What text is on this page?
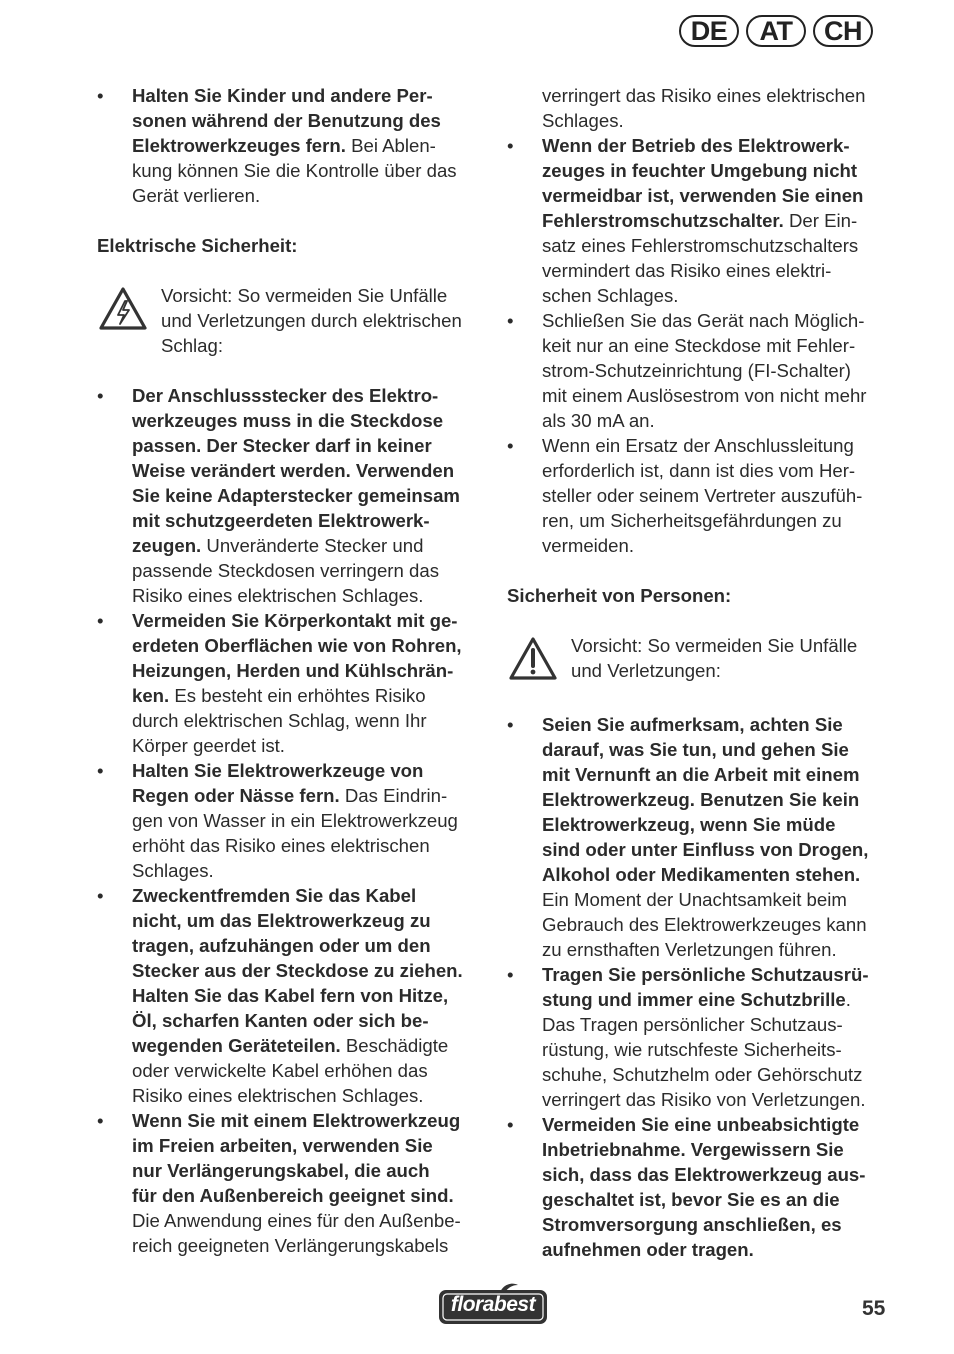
DE	AT	CH
•	Halten Sie Kinder und andere Per-
sonen während der Benutzung des
Elektrowerkzeuges fern. Bei Ablen-
kung können Sie die Kontrolle über das
Gerät verlieren.
Elektrische Sicherheit:
Vorsicht: So vermeiden Sie Unfälle
und Verletzungen durch elektrischen
Schlag:
•	Der Anschlussstecker des Elektro-
werkzeuges muss in die Steckdose
passen. Der Stecker darf in keiner
Weise verändert werden. Verwenden
Sie keine Adapterstecker gemeinsam
mit schutzgeerdeten Elektrowerk-
zeugen. Unveränderte Stecker und
passende Steckdosen verringern das
Risiko eines elektrischen Schlages.
•	Vermeiden Sie Körperkontakt mit ge-
erdeten Oberflächen wie von Rohren,
Heizungen, Herden und Kühlschrän-
ken. Es besteht ein erhöhtes Risiko
durch elektrischen Schlag, wenn Ihr
Körper geerdet ist.
•	Halten Sie Elektrowerkzeuge von
Regen oder Nässe fern. Das Eindrin-
gen von Wasser in ein Elektrowerkzeug
erhöht das Risiko eines elektrischen
Schlages.
•	Zweckentfremden Sie das Kabel
nicht, um das Elektrowerkzeug zu
tragen, aufzuhängen oder um den
Stecker aus der Steckdose zu ziehen.
Halten Sie das Kabel fern von Hitze,
Öl, scharfen Kanten oder sich be-
wegenden Geräteteilen. Beschädigte
oder verwickelte Kabel erhöhen das
Risiko eines elektrischen Schlages.
•	Wenn Sie mit einem Elektrowerkzeug
im Freien arbeiten, verwenden Sie
nur Verlängerungskabel, die auch
für den Außenbereich geeignet sind.
Die Anwendung eines für den Außenbe-
reich geeigneten Verlängerungskabels
verringert das Risiko eines elektrischen
Schlages.
•	Wenn der Betrieb des Elektrowerk-
zeuges in feuchter Umgebung nicht
vermeidbar ist, verwenden Sie einen
Fehlerstromschutzschalter. Der Ein-
satz eines Fehlerstromschutzschalters
vermindert das Risiko eines elektri-
schen Schlages.
•	Schließen Sie das Gerät nach Möglich-
keit nur an eine Steckdose mit Fehler-
strom-Schutzeinrichtung (FI-Schalter)
mit einem Auslösestrom von nicht mehr
als 30 mA an.
•	Wenn ein Ersatz der Anschlussleitung
erforderlich ist, dann ist dies vom Her-
steller oder seinem Vertreter auszufüh-
ren, um Sicherheitsgefährdungen zu
vermeiden.
Sicherheit von Personen:
Vorsicht: So vermeiden Sie Unfälle
und Verletzungen:
•	Seien Sie aufmerksam, achten Sie
darauf, was Sie tun, und gehen Sie
mit Vernunft an die Arbeit mit einem
Elektrowerkzeug. Benutzen Sie kein
Elektrowerkzeug, wenn Sie müde
sind oder unter Einfluss von Drogen,
Alkohol oder Medikamenten stehen.
Ein Moment der Unachtsamkeit beim
Gebrauch des Elektrowerkzeuges kann
zu ernsthaften Verletzungen führen.
•	Tragen Sie persönliche Schutzausrü-
stung und immer eine Schutzbrille.
Das Tragen persönlicher Schutzaus-
rüstung, wie rutschfeste Sicherheits-
schuhe, Schutzhelm oder Gehörschutz
verringert das Risiko von Verletzungen.
•	Vermeiden Sie eine unbeabsichtigte
Inbetriebnahme. Vergewissern Sie
sich, dass das Elektrowerkzeug aus-
geschaltet ist, bevor Sie es an die
Stromversorgung anschließen, es
aufnehmen oder tragen.
florabest	55
